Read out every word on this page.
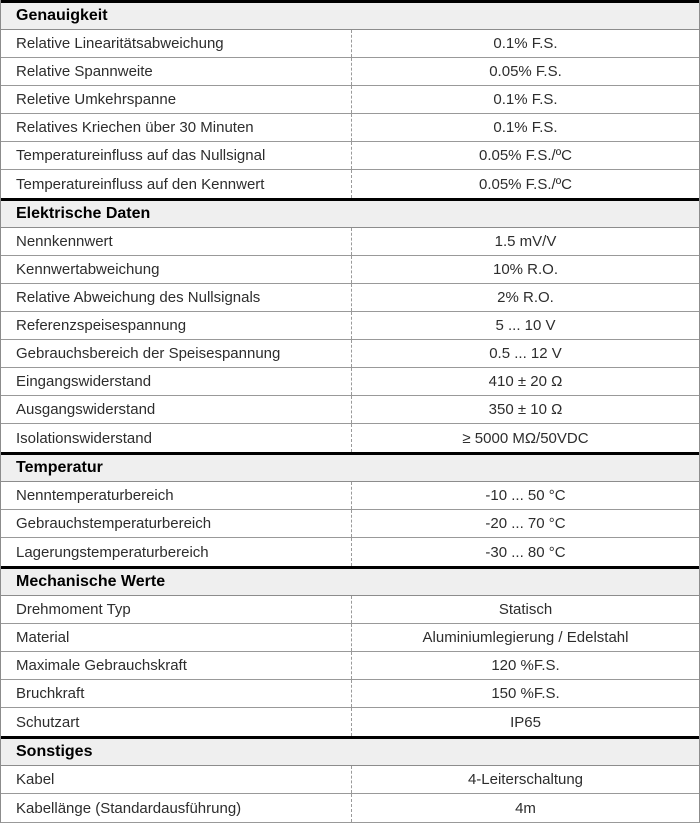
Genauigkeit
Relative Linearitätsabweichung	0.1% F.S.
Relative Spannweite	0.05% F.S.
Reletive Umkehrspanne	0.1% F.S.
Relatives Kriechen über 30 Minuten	0.1% F.S.
Temperatureinfluss auf das Nullsignal	0.05% F.S./ºC
Temperatureinfluss auf den Kennwert	0.05% F.S./ºC
Elektrische Daten
Nennkennwert	1.5 mV/V
Kennwertabweichung	10% R.O.
Relative Abweichung des Nullsignals	2% R.O.
Referenzspeisespannung	5 ... 10 V
Gebrauchsbereich der Speisespannung	0.5 ... 12 V
Eingangswiderstand	410 ± 20 Ω
Ausgangswiderstand	350 ± 10 Ω
Isolationswiderstand	≥ 5000 MΩ/50VDC
Temperatur
Nenntemperaturbereich	-10 ... 50 °C
Gebrauchstemperaturbereich	-20 ... 70 °C
Lagerungstemperaturbereich	-30 ... 80 °C
Mechanische Werte
Drehmoment Typ	Statisch
Material	Aluminiumlegierung / Edelstahl
Maximale Gebrauchskraft	120 %F.S.
Bruchkraft	150 %F.S.
Schutzart	IP65
Sonstiges
Kabel	4-Leiterschaltung
Kabellänge (Standardausführung)	4m
